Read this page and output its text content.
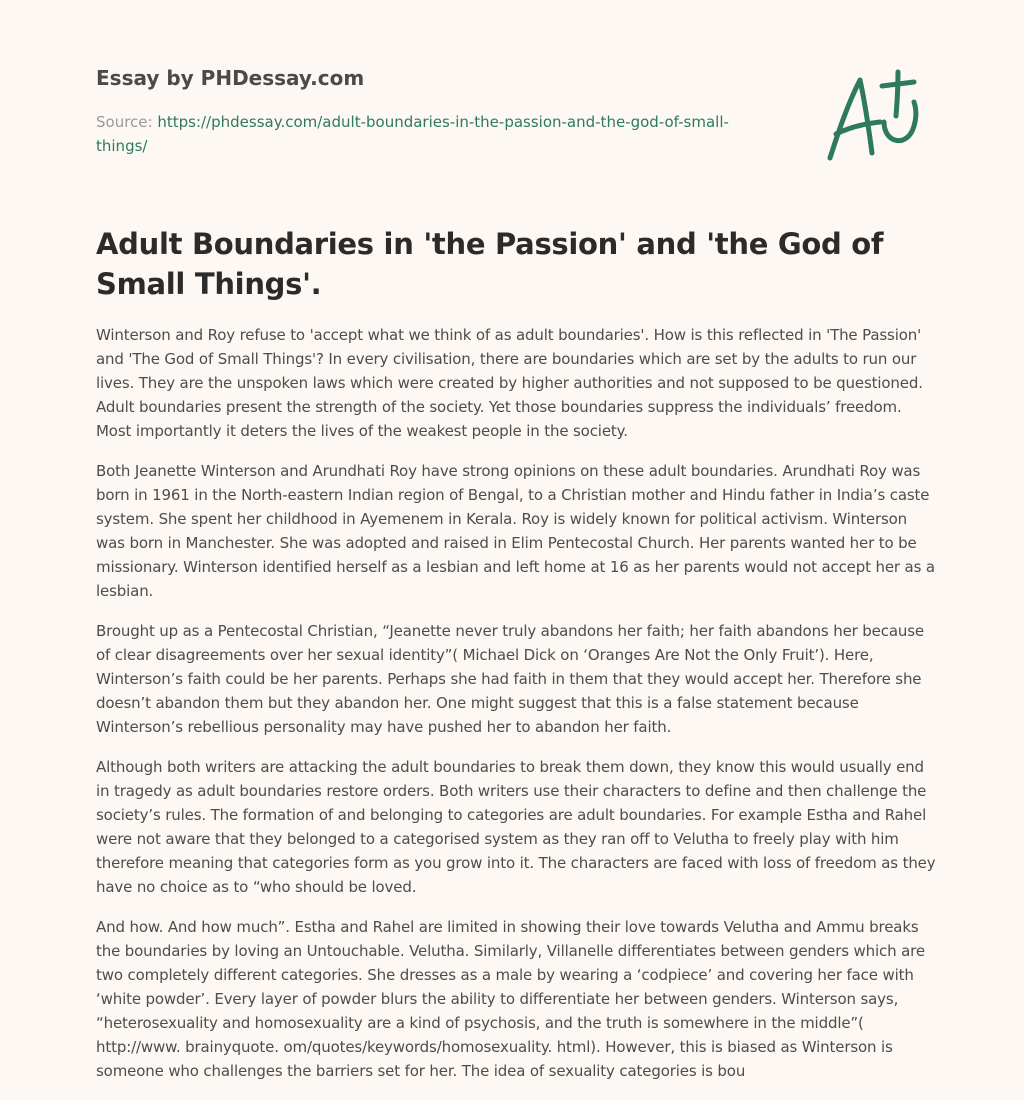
Essay by PHDessay.com
Source: https://phdessay.com/adult-boundaries-in-the-passion-and-the-god-of-small-things/
Adult Boundaries in 'the Passion' and 'the God of Small Things'.

Winterson and Roy refuse to 'accept what we think of as adult boundaries'. How is this reflected in 'The Passion' and 'The God of Small Things'? In every civilisation, there are boundaries which are set by the adults to run our lives. They are the unspoken laws which were created by higher authorities and not supposed to be questioned. Adult boundaries present the strength of the society. Yet those boundaries suppress the individuals’ freedom. Most importantly it deters the lives of the weakest people in the society.

Both Jeanette Winterson and Arundhati Roy have strong opinions on these adult boundaries. Arundhati Roy was born in 1961 in the North-eastern Indian region of Bengal, to a Christian mother and Hindu father in India’s caste system. She spent her childhood in Ayemenem in Kerala. Roy is widely known for political activism. Winterson was born in Manchester. She was adopted and raised in Elim Pentecostal Church. Her parents wanted her to be missionary. Winterson identified herself as a lesbian and left home at 16 as her parents would not accept her as a lesbian.

Brought up as a Pentecostal Christian, “Jeanette never truly abandons her faith; her faith abandons her because of clear disagreements over her sexual identity”( Michael Dick on ‘Oranges Are Not the Only Fruit’). Here, Winterson’s faith could be her parents. Perhaps she had faith in them that they would accept her. Therefore she doesn’t abandon them but they abandon her. One might suggest that this is a false statement because Winterson’s rebellious personality may have pushed her to abandon her faith.

Although both writers are attacking the adult boundaries to break them down, they know this would usually end in tragedy as adult boundaries restore orders. Both writers use their characters to define and then challenge the society’s rules. The formation of and belonging to categories are adult boundaries. For example Estha and Rahel were not aware that they belonged to a categorised system as they ran off to Velutha to freely play with him therefore meaning that categories form as you grow into it. The characters are faced with loss of freedom as they have no choice as to “who should be loved.

And how. And how much”. Estha and Rahel are limited in showing their love towards Velutha and Ammu breaks the boundaries by loving an Untouchable. Velutha. Similarly, Villanelle differentiates between genders which are two completely different categories. She dresses as a male by wearing a ‘codpiece’ and covering her face with ‘white powder’. Every layer of powder blurs the ability to differentiate her between genders. Winterson says, “heterosexuality and homosexuality are a kind of psychosis, and the truth is somewhere in the middle”( http://www. brainyquote. om/quotes/keywords/homosexuality. html). However, this is biased as Winterson is someone who challenges the barriers set for her. The idea of sexuality categories is bou
